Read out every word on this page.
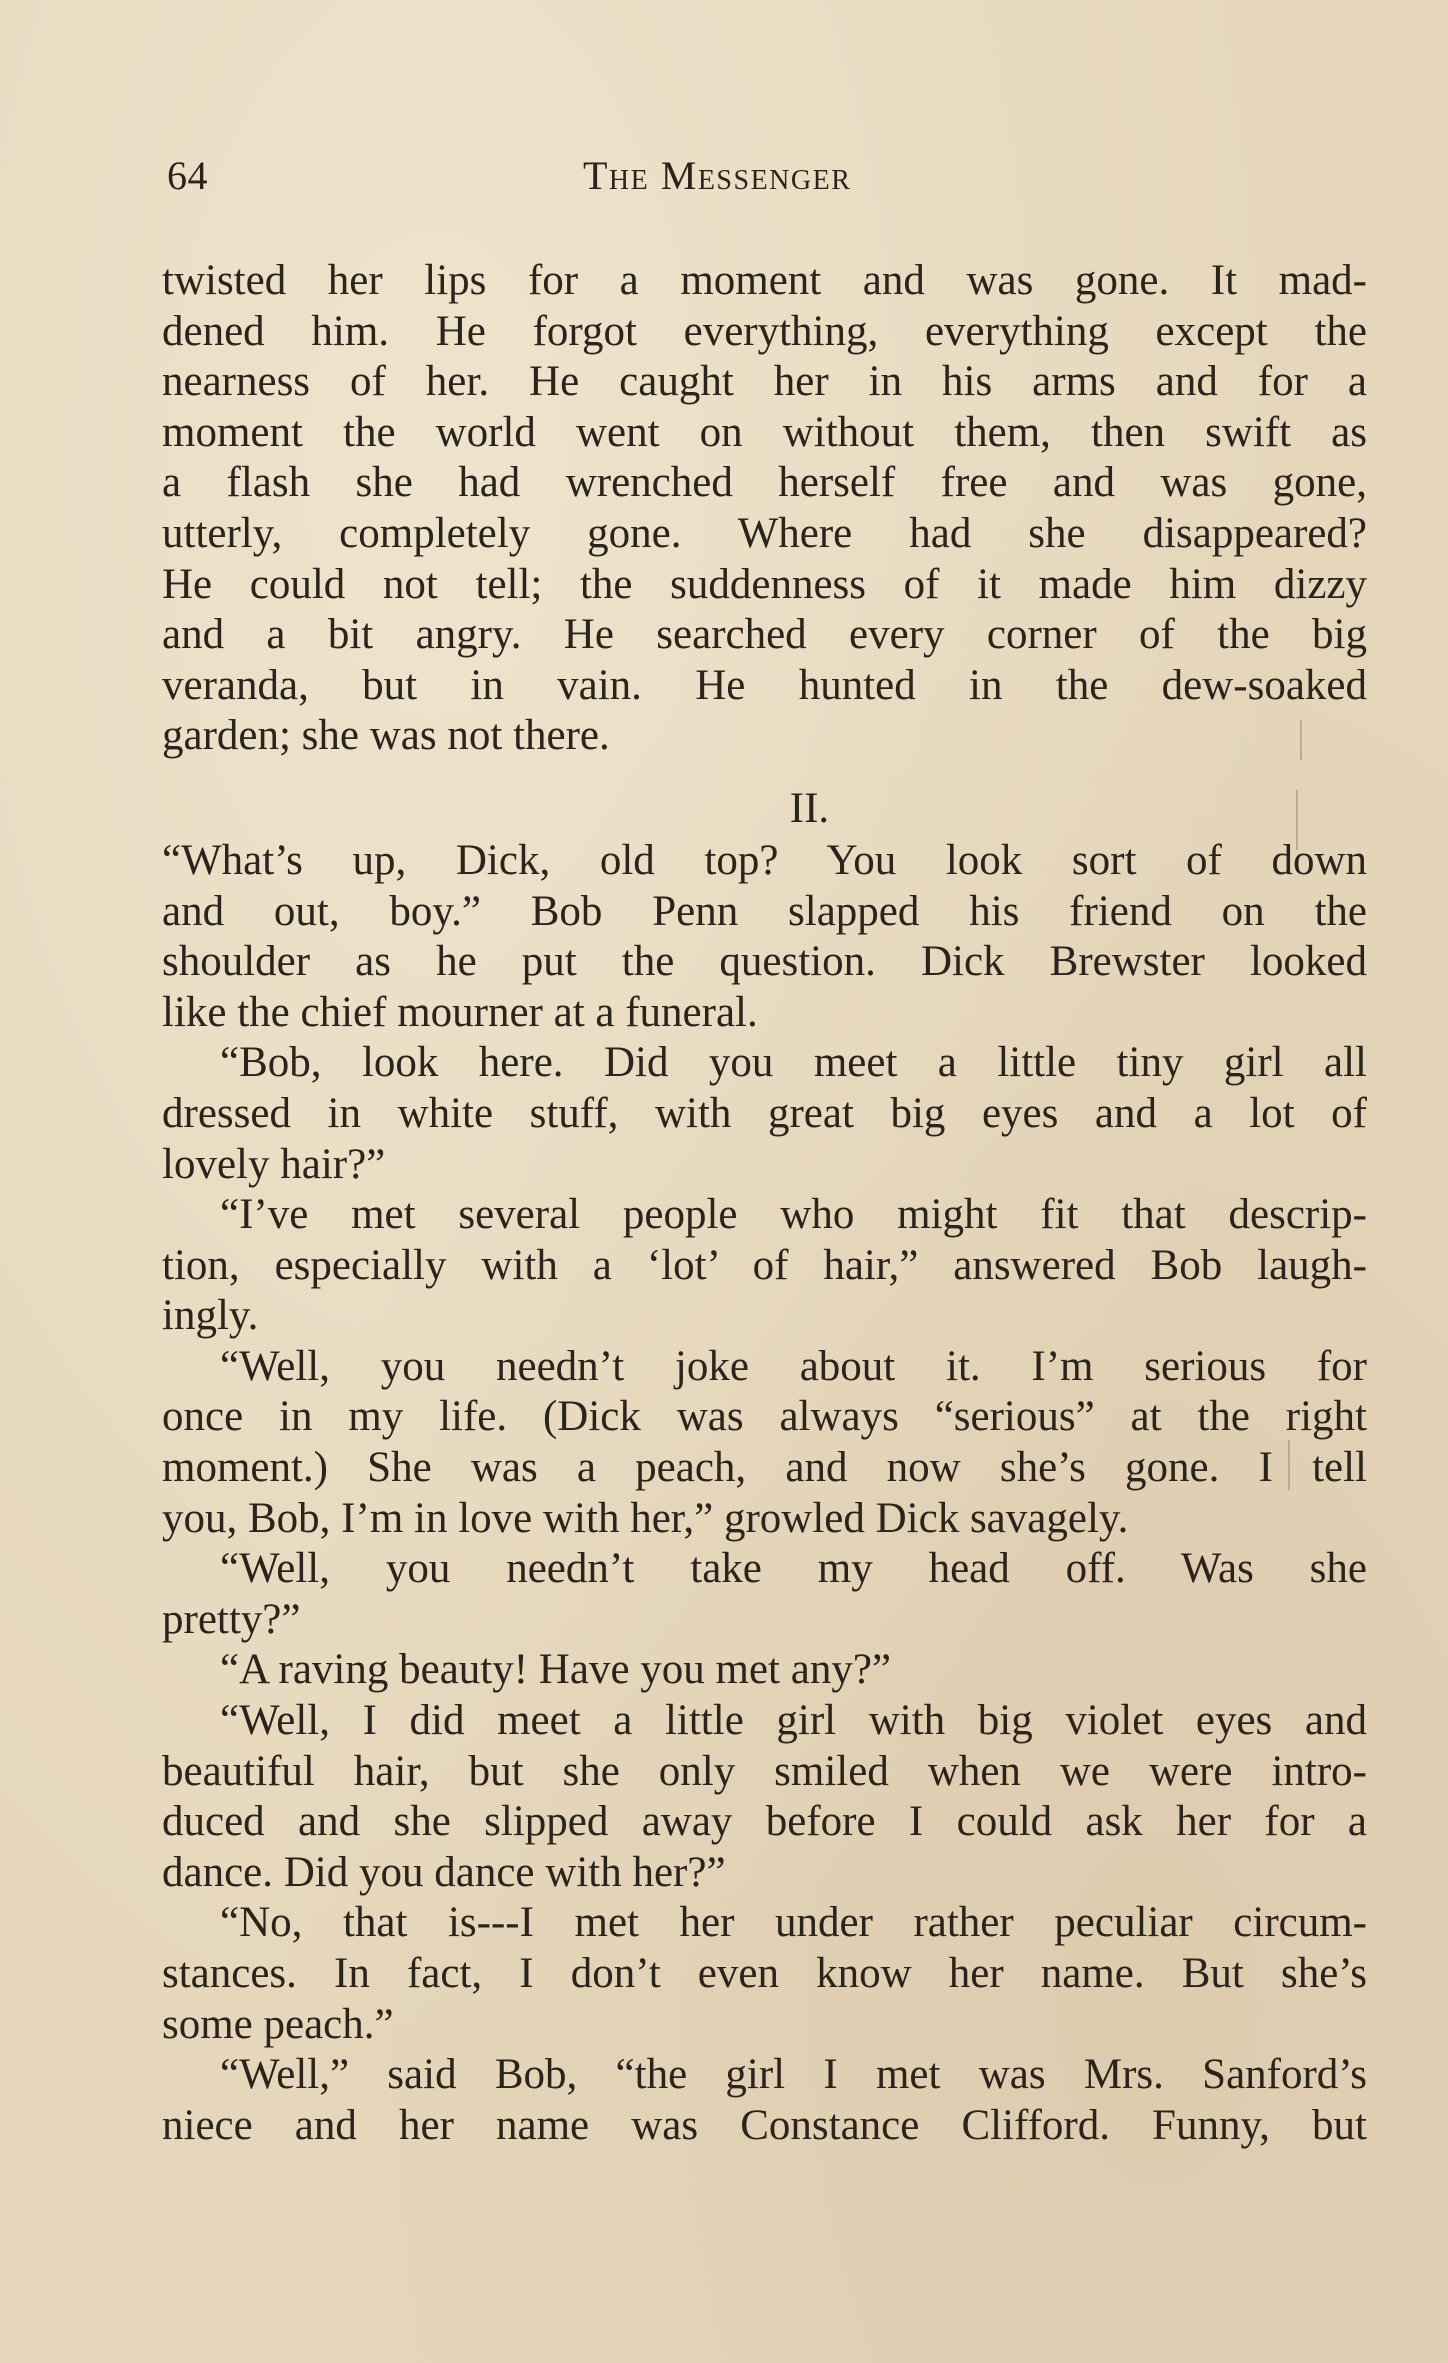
64	The Messenger
twisted her lips for a moment and was gone. It mad-
dened him. He forgot everything, everything except the
nearness of her. He caught her in his arms and for a
moment the world went on without them, then swift as
a flash she had wrenched herself free and was gone,
utterly, completely gone. Where had she disappeared?
He could not tell; the suddenness of it made him dizzy
and a bit angry. He searched every corner of the big
veranda, but in vain. He hunted in the dew-soaked
garden; she was not there.
II.
“What’s up, Dick, old top? You look sort of down
and out, boy.” Bob Penn slapped his friend on the
shoulder as he put the question. Dick Brewster looked
like the chief mourner at a funeral.
“Bob, look here. Did you meet a little tiny girl all
dressed in white stuff, with great big eyes and a lot of
lovely hair?”
“I’ve met several people who might fit that descrip-
tion, especially with a ‘lot’ of hair,” answered Bob laugh-
ingly.
“Well, you needn’t joke about it. I’m serious for
once in my life. (Dick was always “serious” at the right
moment.) She was a peach, and now she’s gone. I tell
you, Bob, I’m in love with her,” growled Dick savagely.
“Well, you needn’t take my head off. Was she
pretty?”
“A raving beauty! Have you met any?”
“Well, I did meet a little girl with big violet eyes and
beautiful hair, but she only smiled when we were intro-
duced and she slipped away before I could ask her for a
dance. Did you dance with her?”
“No, that is---I met her under rather peculiar circum-
stances. In fact, I don’t even know her name. But she’s
some peach.”
“Well,” said Bob, “the girl I met was Mrs. Sanford’s
niece and her name was Constance Clifford. Funny, but
